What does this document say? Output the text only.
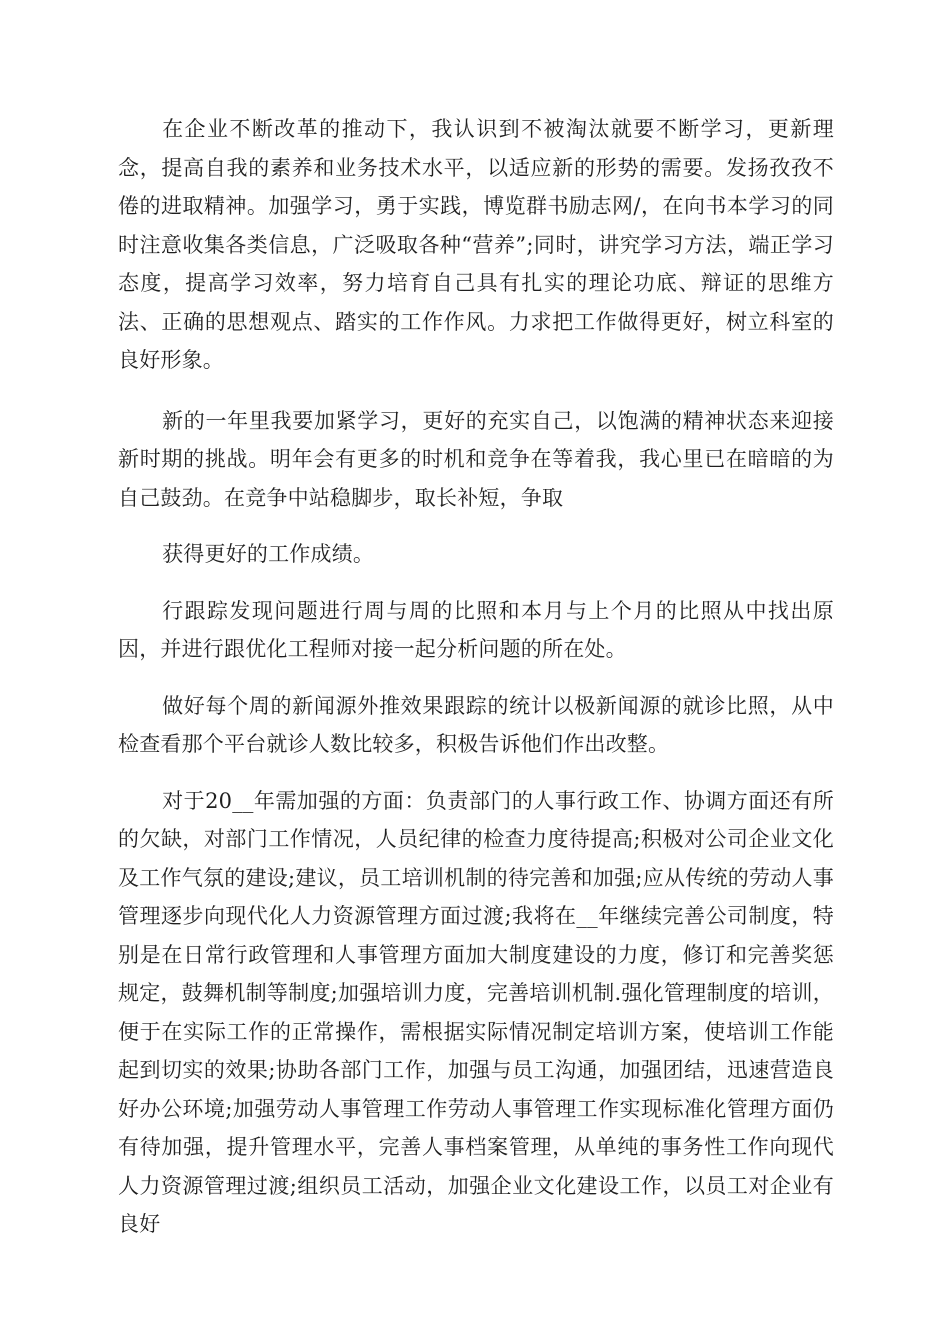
在企业不断改革的推动下，我认识到不被淘汰就要不断学习，更新理念，提高自我的素养和业务技术水平，以适应新的形势的需要。发扬孜孜不倦的进取精神。加强学习，勇于实践，博览群书励志网/，在向书本学习的同时注意收集各类信息，广泛吸取各种“营养”;同时，讲究学习方法，端正学习态度，提高学习效率，努力培育自己具有扎实的理论功底、辩证的思维方法、正确的思想观点、踏实的工作作风。力求把工作做得更好，树立科室的良好形象。

新的一年里我要加紧学习，更好的充实自己，以饱满的精神状态来迎接新时期的挑战。明年会有更多的时机和竞争在等着我，我心里已在暗暗的为自己鼓劲。在竞争中站稳脚步，取长补短，争取

获得更好的工作成绩。

行跟踪发现问题进行周与周的比照和本月与上个月的比照从中找出原因，并进行跟优化工程师对接一起分析问题的所在处。

做好每个周的新闻源外推效果跟踪的统计以极新闻源的就诊比照，从中检查看那个平台就诊人数比较多，积极告诉他们作出改整。

对于20__年需加强的方面：负责部门的人事行政工作、协调方面还有所的欠缺，对部门工作情况，人员纪律的检查力度待提高;积极对公司企业文化及工作气氛的建设;建议，员工培训机制的待完善和加强;应从传统的劳动人事管理逐步向现代化人力资源管理方面过渡;我将在__年继续完善公司制度，特别是在日常行政管理和人事管理方面加大制度建设的力度，修订和完善奖惩规定，鼓舞机制等制度;加强培训力度，完善培训机制.强化管理制度的培训，便于在实际工作的正常操作，需根据实际情况制定培训方案，使培训工作能起到切实的效果;协助各部门工作，加强与员工沟通，加强团结，迅速营造良好办公环境;加强劳动人事管理工作劳动人事管理工作实现标准化管理方面仍有待加强，提升管理水平，完善人事档案管理，从单纯的事务性工作向现代人力资源管理过渡;组织员工活动，加强企业文化建设工作，以员工对企业有良好
